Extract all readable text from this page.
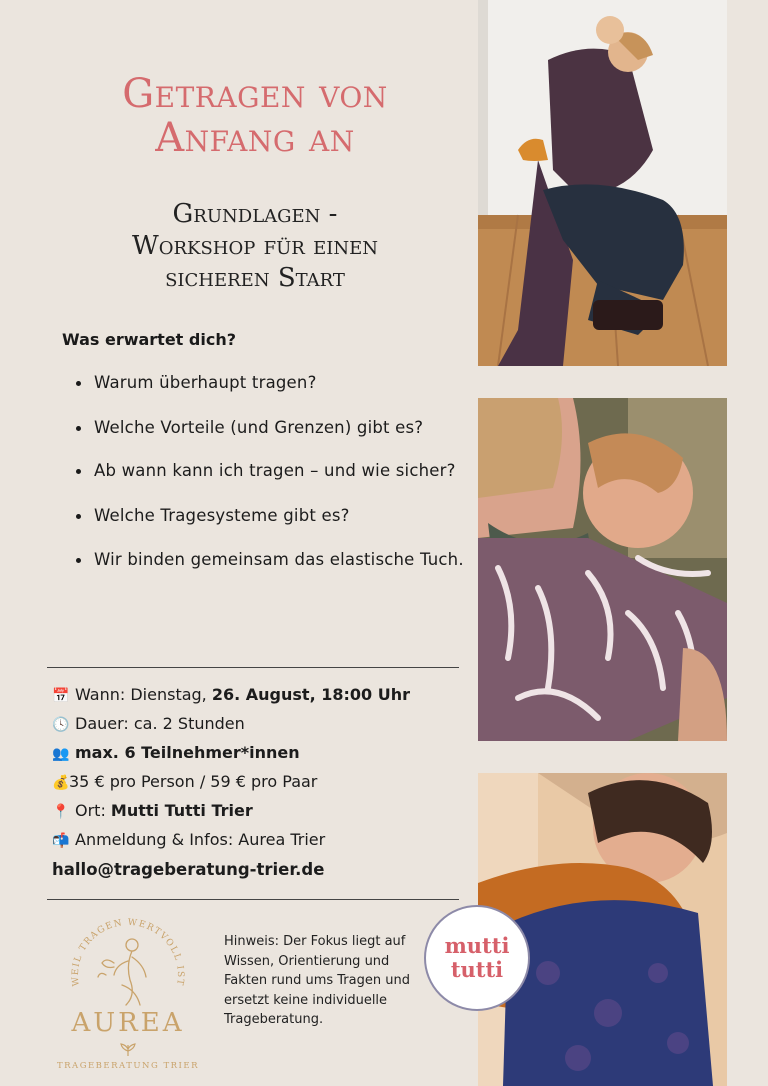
Getragen von
Anfang an
Grundlagen -
Workshop für einen
sicheren Start
Was erwartet dich?
Warum überhaupt tragen?
Welche Vorteile (und Grenzen) gibt es?
Ab wann kann ich tragen – und wie sicher?
Welche Tragesysteme gibt es?
Wir binden gemeinsam das elastische Tuch.
📅 Wann: Dienstag, 26. August, 18:00 Uhr
🕓 Dauer: ca. 2 Stunden
👥 max. 6 Teilnehmer*innen
💰35 € pro Person / 59 € pro Paar
📍 Ort: Mutti Tutti Trier
📬 Anmeldung & Infos: Aurea Trier
hallo@trageberatung-trier.de
WEIL TRAGEN WERTVOLL IST
AUREA
TRAGEBERATUNG TRIER
Hinweis: Der Fokus liegt auf Wissen, Orientierung und Fakten rund ums Tragen und ersetzt keine individuelle Trageberatung.
mutti
tutti
